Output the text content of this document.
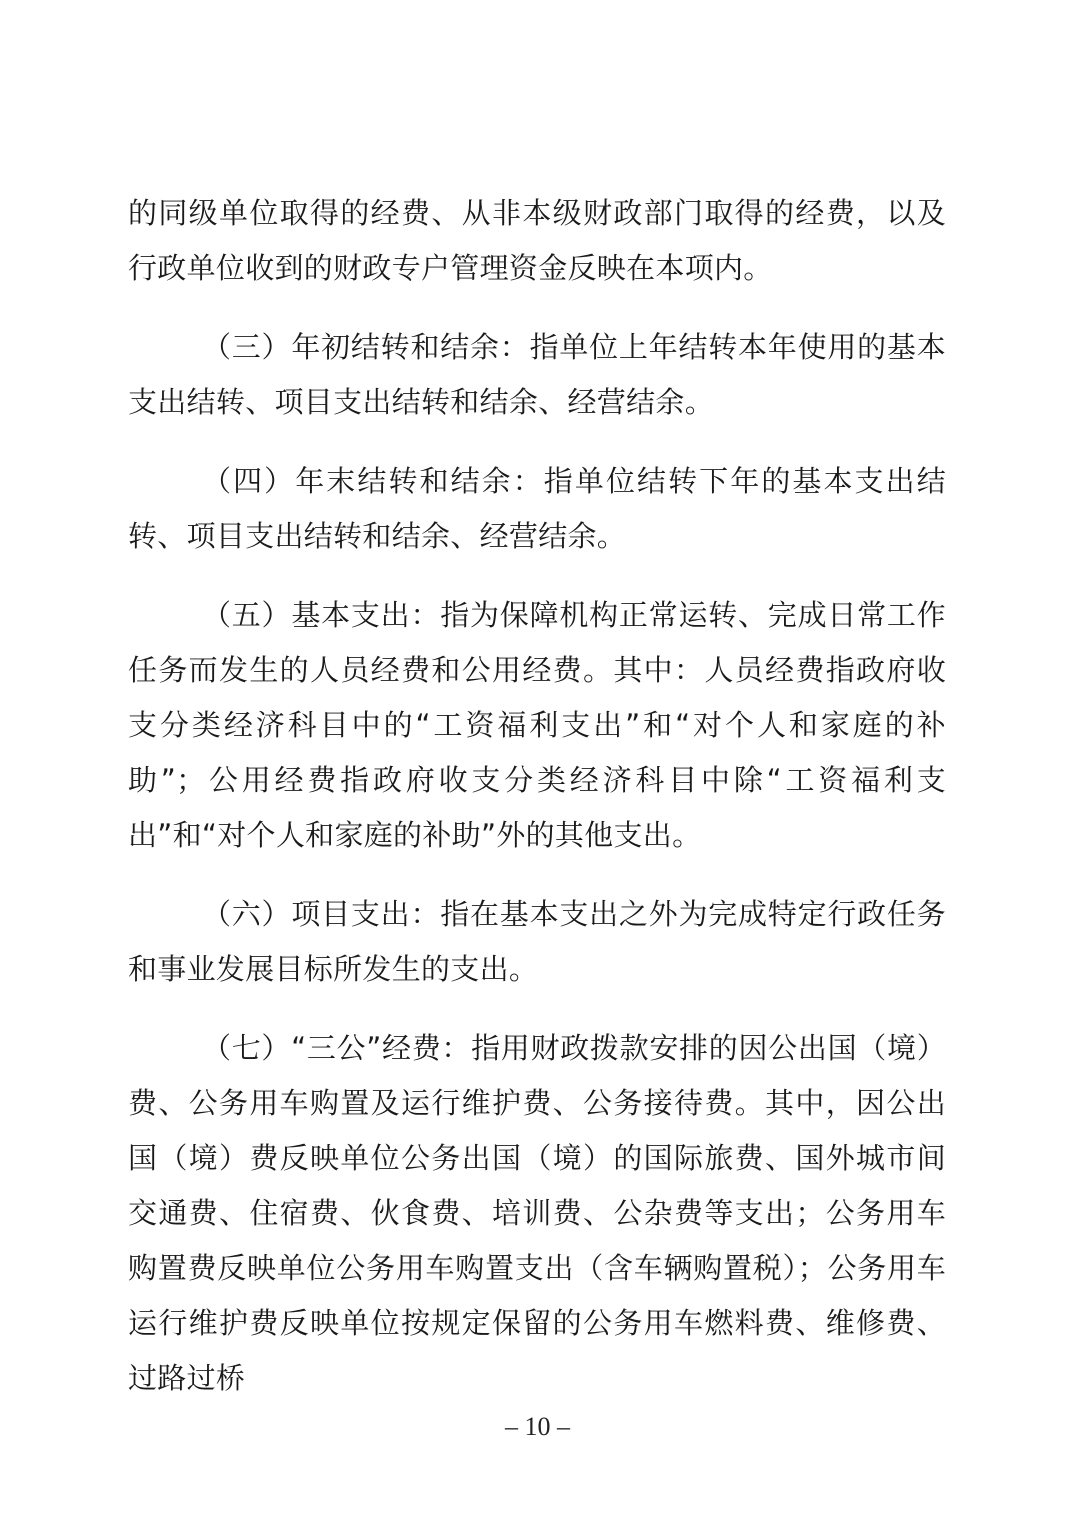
的同级单位取得的经费、从非本级财政部门取得的经费，以及行政单位收到的财政专户管理资金反映在本项内。

（三）年初结转和结余：指单位上年结转本年使用的基本支出结转、项目支出结转和结余、经营结余。

（四）年末结转和结余：指单位结转下年的基本支出结转、项目支出结转和结余、经营结余。

（五）基本支出：指为保障机构正常运转、完成日常工作任务而发生的人员经费和公用经费。其中：人员经费指政府收支分类经济科目中的“工资福利支出”和“对个人和家庭的补助”；公用经费指政府收支分类经济科目中除“工资福利支出”和“对个人和家庭的补助”外的其他支出。

（六）项目支出：指在基本支出之外为完成特定行政任务和事业发展目标所发生的支出。

（七）“三公”经费：指用财政拨款安排的因公出国（境）费、公务用车购置及运行维护费、公务接待费。其中，因公出国（境）费反映单位公务出国（境）的国际旅费、国外城市间交通费、住宿费、伙食费、培训费、公杂费等支出；公务用车购置费反映单位公务用车购置支出（含车辆购置税）；公务用车运行维护费反映单位按规定保留的公务用车燃料费、维修费、过路过桥

– 10 –
